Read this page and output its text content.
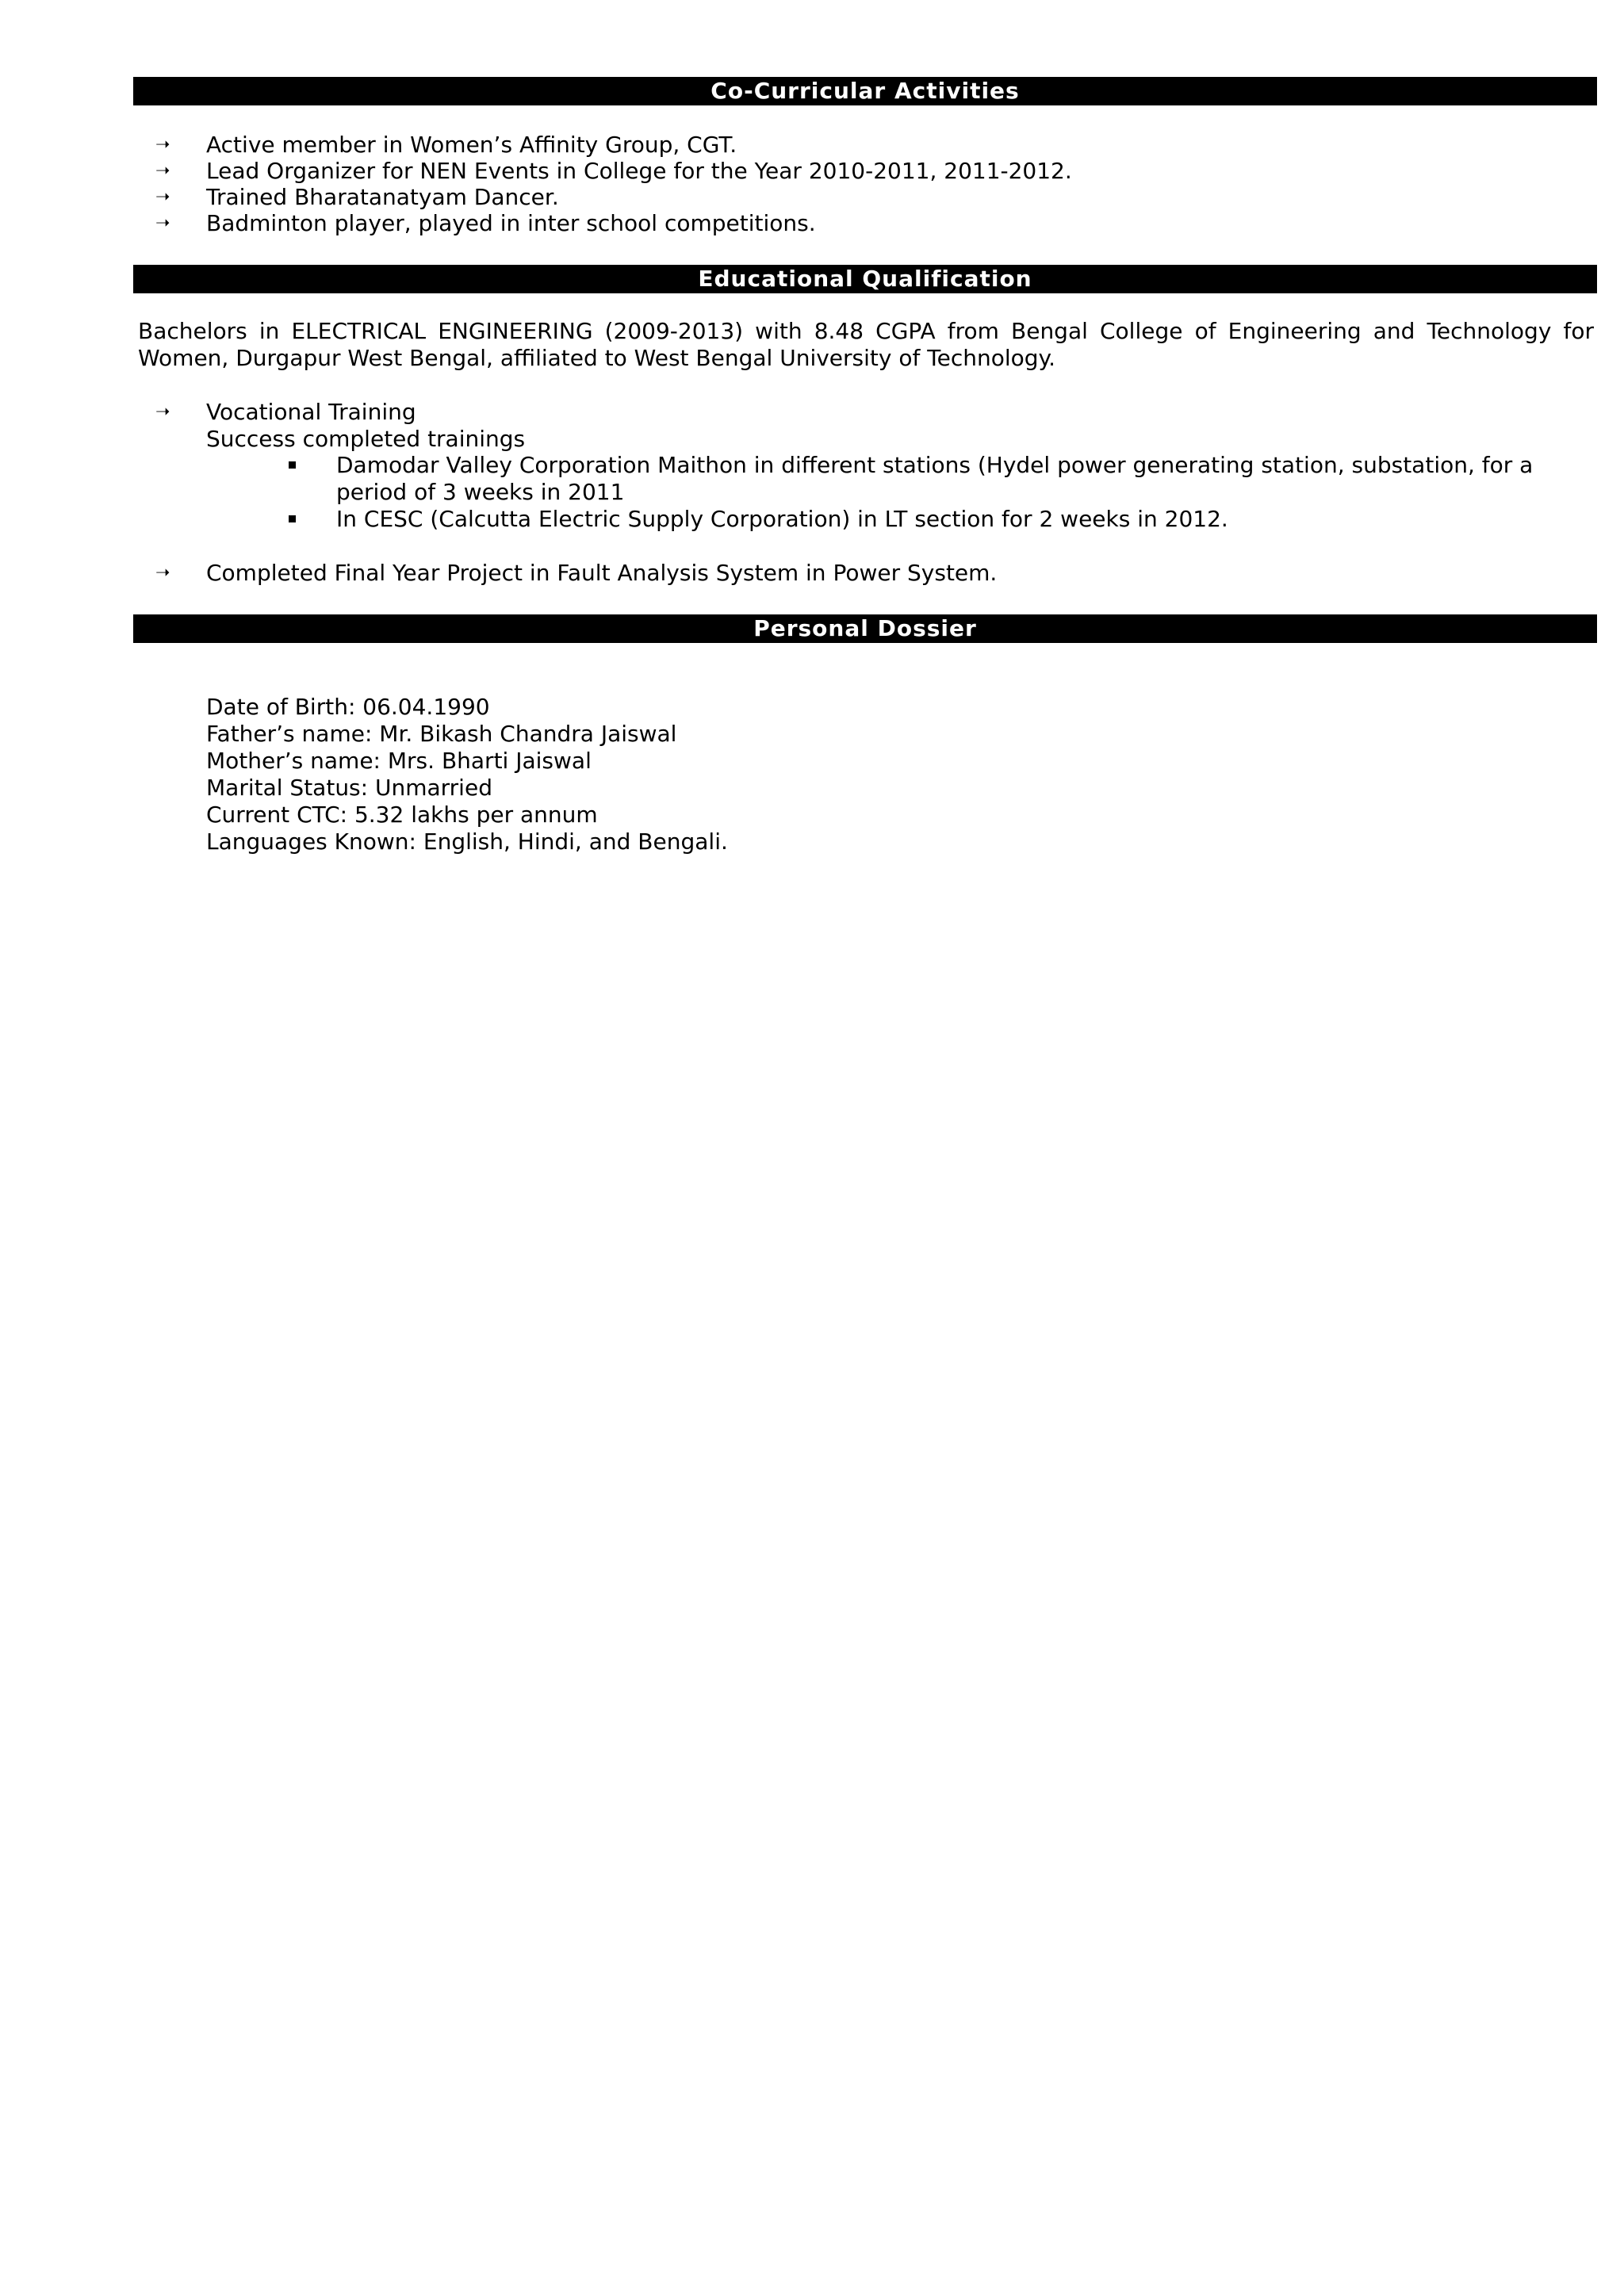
Co-Curricular Activities
➝ Active member in Women’s Affinity Group, CGT.
➝ Lead Organizer for NEN Events in College for the Year 2010-2011, 2011-2012.
➝ Trained Bharatanatyam Dancer.
➝ Badminton player, played in inter school competitions.
Educational Qualification
Bachelors in ELECTRICAL ENGINEERING (2009-2013) with 8.48 CGPA from Bengal College of Engineering and Technology for Women, Durgapur West Bengal, affiliated to West Bengal University of Technology.
➝ Vocational Training
Success completed trainings
Damodar Valley Corporation Maithon in different stations (Hydel power generating station, substation, for a
period of 3 weeks in 2011
In CESC (Calcutta Electric Supply Corporation) in LT section for 2 weeks in 2012.
➝ Completed Final Year Project in Fault Analysis System in Power System.
Personal Dossier
Date of Birth: 06.04.1990
Father’s name: Mr. Bikash Chandra Jaiswal
Mother’s name: Mrs. Bharti Jaiswal
Marital Status: Unmarried
Current CTC: 5.32 lakhs per annum
Languages Known: English, Hindi, and Bengali.
